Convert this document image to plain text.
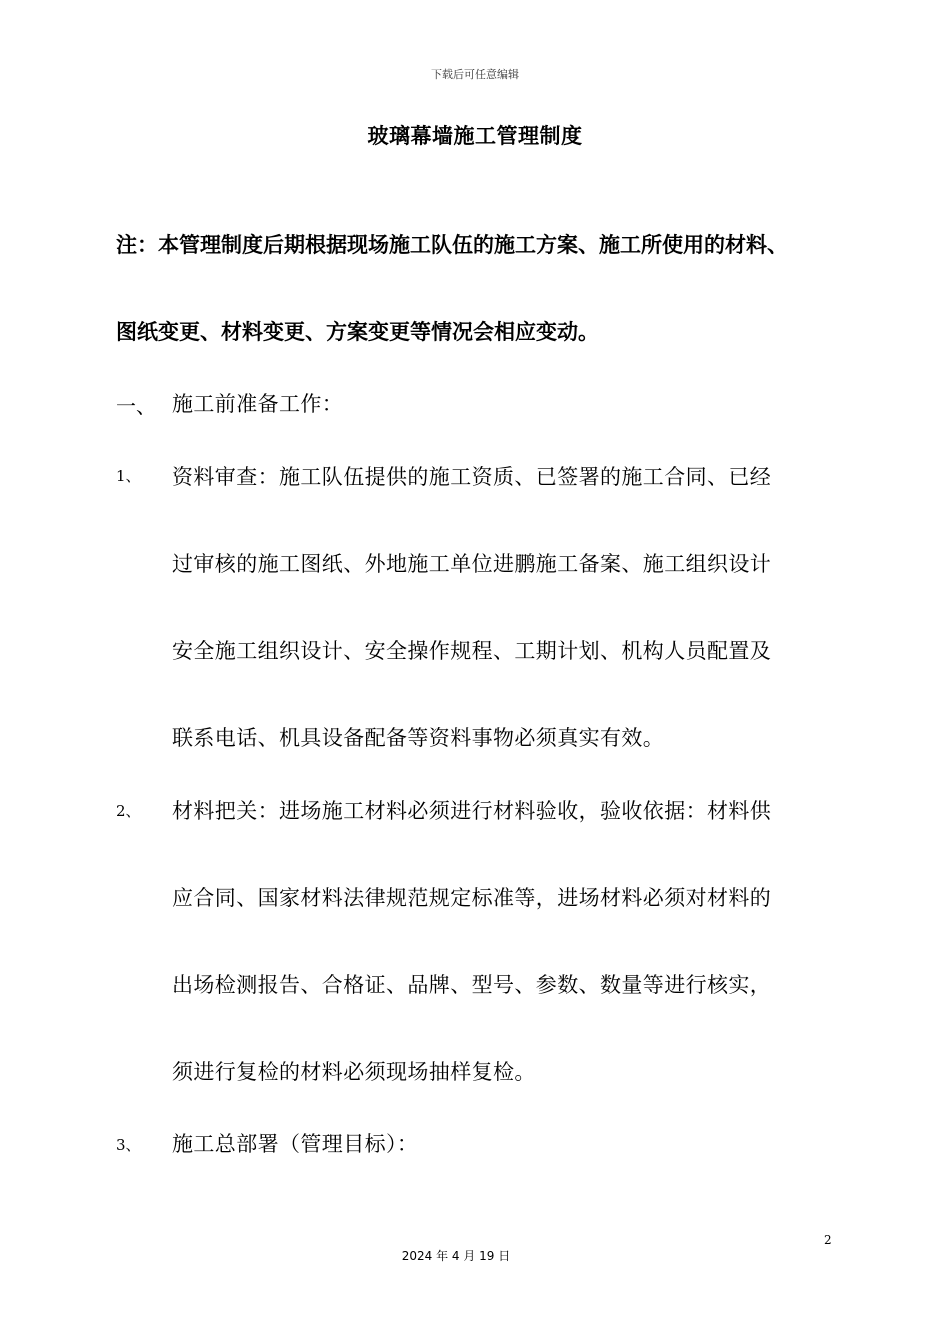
下载后可任意编辑
玻璃幕墙施工管理制度
注：本管理制度后期根据现场施工队伍的施工方案、施工所使用的材料、
图纸变更、材料变更、方案变更等情况会相应变动。
一、 施工前准备工作：
1、 资料审查：施工队伍提供的施工资质、已签署的施工合同、已经
过审核的施工图纸、外地施工单位进鹏施工备案、施工组织设计
安全施工组织设计、安全操作规程、工期计划、机构人员配置及
联系电话、机具设备配备等资料事物必须真实有效。
2、 材料把关：进场施工材料必须进行材料验收，验收依据：材料供
应合同、国家材料法律规范规定标准等，进场材料必须对材料的
出场检测报告、合格证、品牌、型号、参数、数量等进行核实，
须进行复检的材料必须现场抽样复检。
3、 施工总部署（管理目标）：
2
2024 年 4 月 19 日
